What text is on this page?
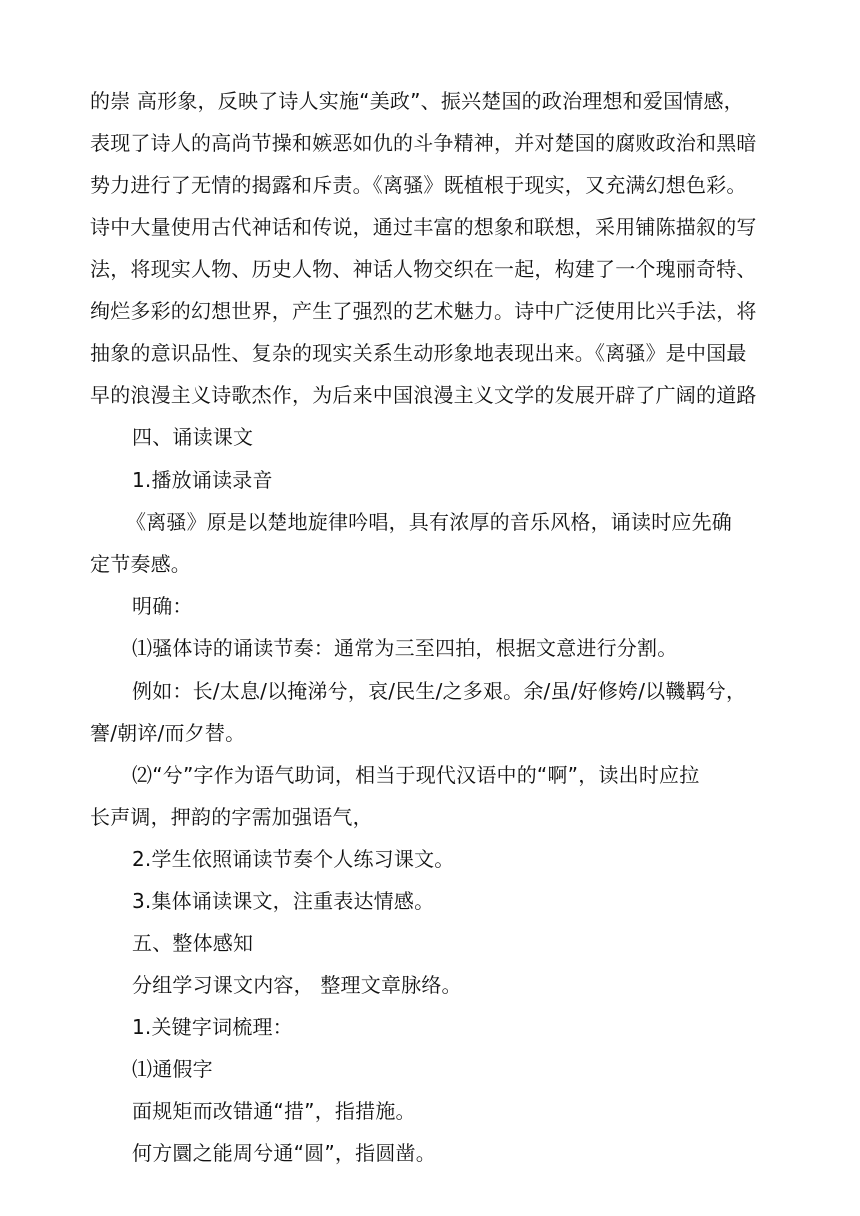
的崇 高形象，反映了诗人实施“美政”、振兴楚国的政治理想和爱国情感，
表现了诗人的高尚节操和嫉恶如仇的斗争精神，并对楚国的腐败政治和黑暗
势力进行了无情的揭露和斥责。《离骚》既植根于现实，又充满幻想色彩。
诗中大量使用古代神话和传说，通过丰富的想象和联想，采用铺陈描叙的写
法，将现实人物、历史人物、神话人物交织在一起，构建了一个瑰丽奇特、
绚烂多彩的幻想世界，产生了强烈的艺术魅力。诗中广泛使用比兴手法，将
抽象的意识品性、复杂的现实关系生动形象地表现出来。《离骚》是中国最
早的浪漫主义诗歌杰作，为后来中国浪漫主义文学的发展开辟了广阔的道路
四、诵读课文
1.播放诵读录音
《离骚》原是以楚地旋律吟唱，具有浓厚的音乐风格，诵读时应先确
定节奏感。
明确：
⑴骚体诗的诵读节奏：通常为三至四拍，根据文意进行分割。
例如：长/太息/以掩涕兮，哀/民生/之多艰。余/虽/好修姱/以鞿羁兮，
謇/朝谇/而夕替。
⑵“兮”字作为语气助词，相当于现代汉语中的“啊”，读出时应拉
长声调，押韵的字需加强语气，
2.学生依照诵读节奏个人练习课文。
3.集体诵读课文，注重表达情感。
五、整体感知
分组学习课文内容， 整理文章脉络。
1.关键字词梳理：
⑴通假字
面规矩而改错通“措”，指措施。
何方圜之能周兮通“圆”，指圆凿。
